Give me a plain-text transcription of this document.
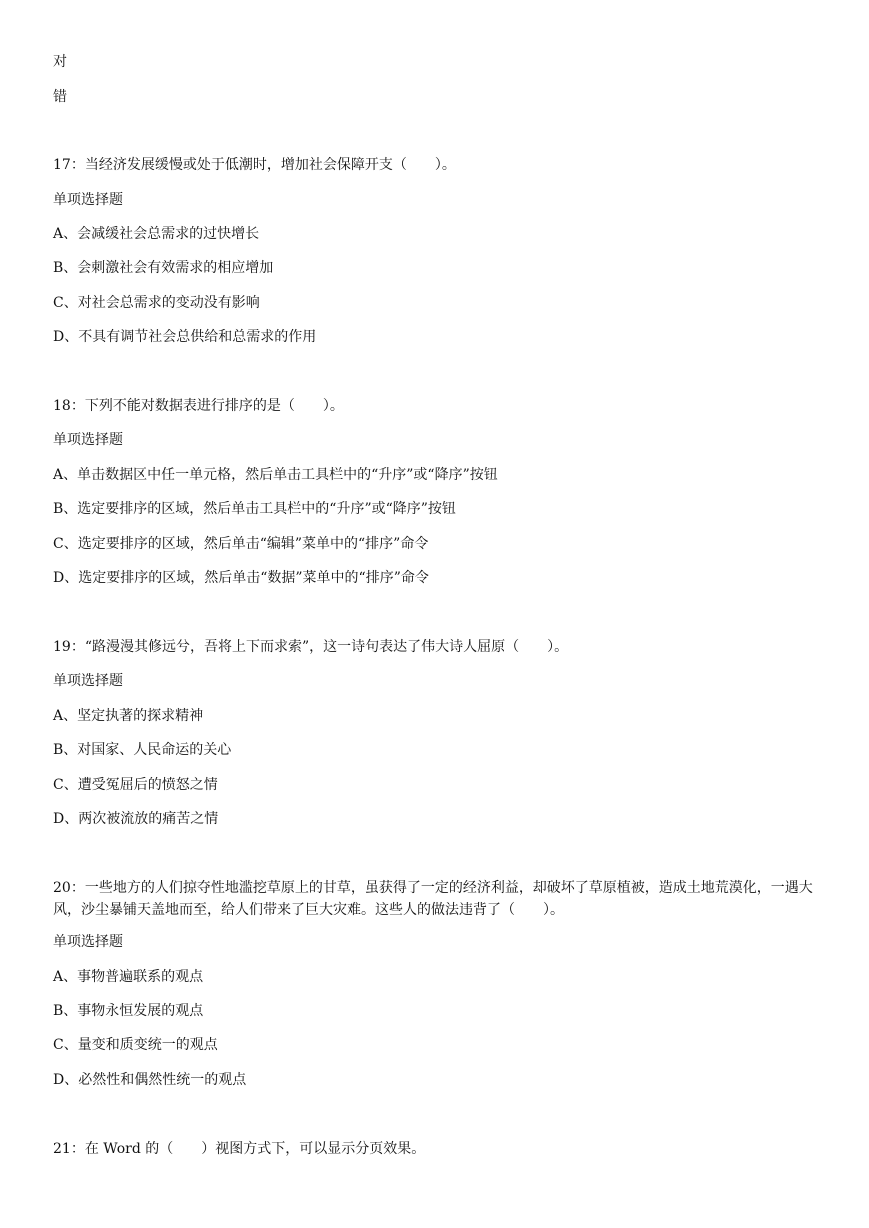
对
错
17：当经济发展缓慢或处于低潮时，增加社会保障开支（　　）。
单项选择题
A、会减缓社会总需求的过快增长
B、会刺激社会有效需求的相应增加
C、对社会总需求的变动没有影响
D、不具有调节社会总供给和总需求的作用
18：下列不能对数据表进行排序的是（　　）。
单项选择题
A、单击数据区中任一单元格，然后单击工具栏中的“升序”或“降序”按钮
B、选定要排序的区域，然后单击工具栏中的“升序”或“降序”按钮
C、选定要排序的区域，然后单击“编辑”菜单中的“排序”命令
D、选定要排序的区域，然后单击“数据”菜单中的“排序”命令
19：“路漫漫其修远兮，吾将上下而求索”，这一诗句表达了伟大诗人屈原（　　）。
单项选择题
A、坚定执著的探求精神
B、对国家、人民命运的关心
C、遭受冤屈后的愤怒之情
D、两次被流放的痛苦之情
20：一些地方的人们掠夺性地滥挖草原上的甘草，虽获得了一定的经济利益，却破坏了草原植被，造成土地荒漠化，一遇大风，沙尘暴铺天盖地而至，给人们带来了巨大灾难。这些人的做法违背了（　　）。
单项选择题
A、事物普遍联系的观点
B、事物永恒发展的观点
C、量变和质变统一的观点
D、必然性和偶然性统一的观点
21：在 Word 的（　　）视图方式下，可以显示分页效果。
